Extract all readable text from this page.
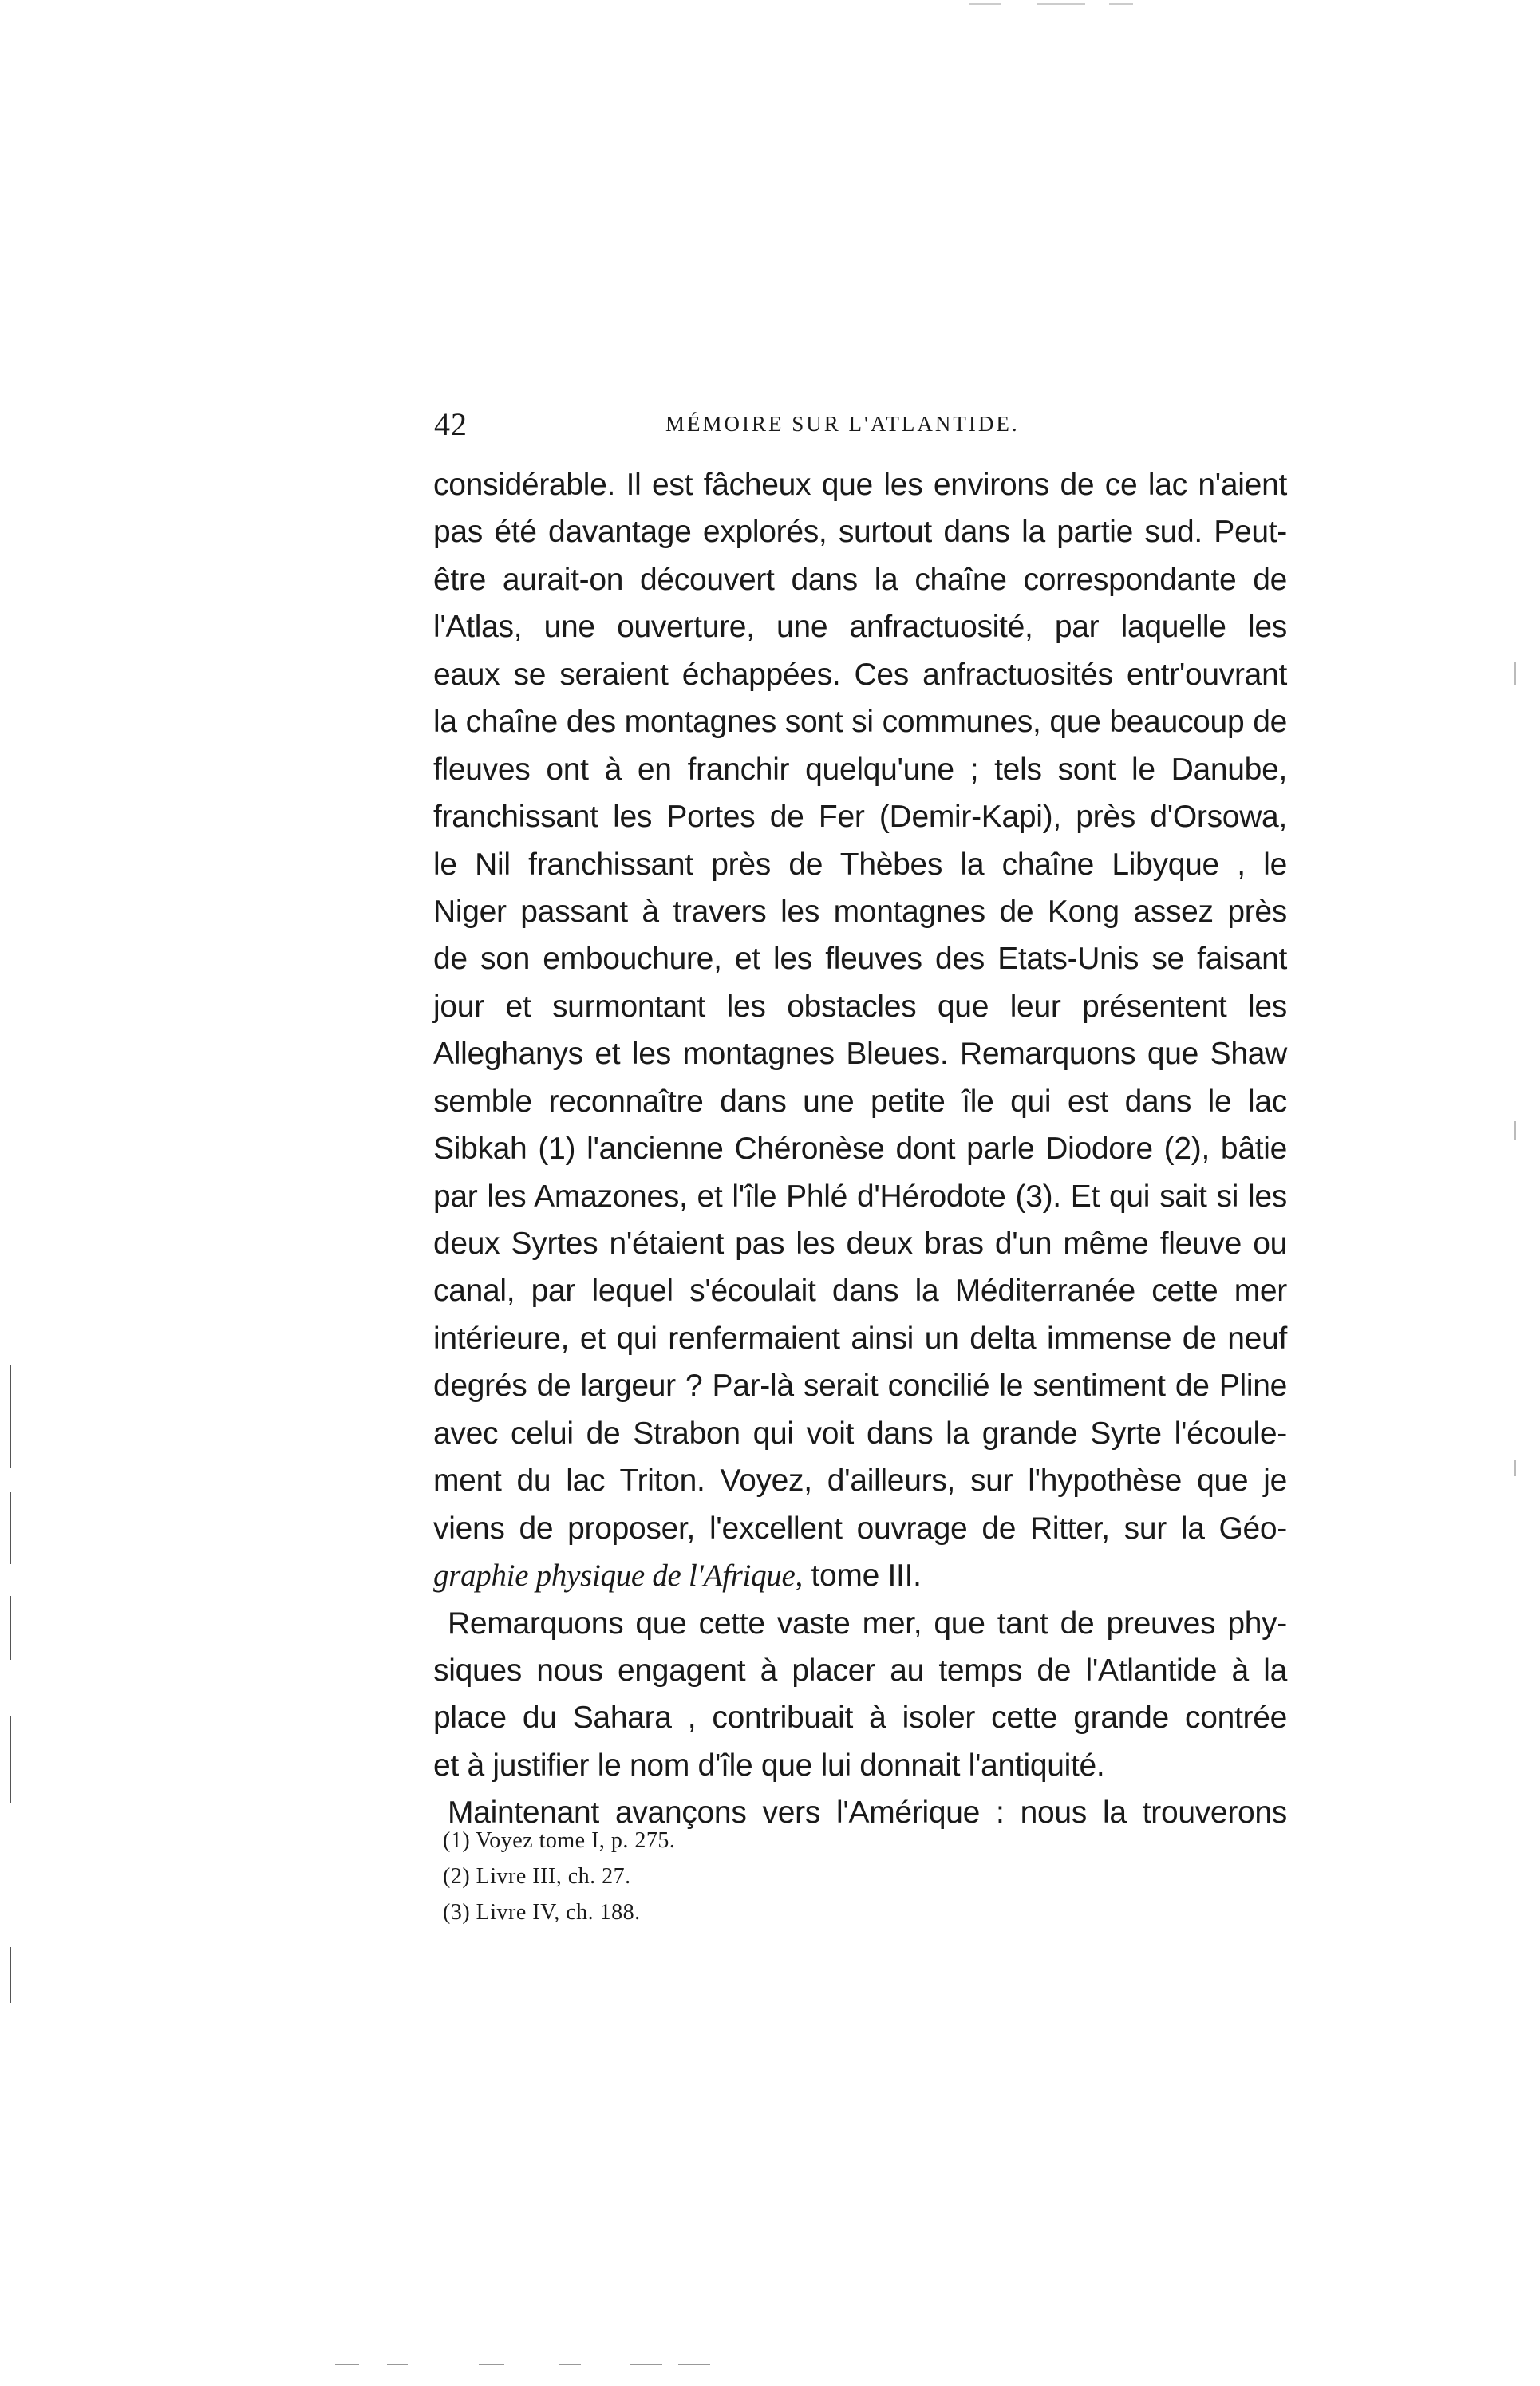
42	MÉMOIRE SUR L'ATLANTIDE.
considérable. Il est fâcheux que les environs de ce lac n'aient
pas été davantage explorés, surtout dans la partie sud. Peut-
être aurait-on découvert dans la chaîne correspondante de
l'Atlas, une ouverture, une anfractuosité, par laquelle les
eaux se seraient échappées. Ces anfractuosités entr'ouvrant
la chaîne des montagnes sont si communes, que beaucoup de
fleuves ont à en franchir quelqu'une ; tels sont le Danube,
franchissant les Portes de Fer (Demir-Kapi), près d'Orsowa,
le Nil franchissant près de Thèbes la chaîne Libyque , le
Niger passant à travers les montagnes de Kong assez près
de son embouchure, et les fleuves des Etats-Unis se faisant
jour et surmontant les obstacles que leur présentent les
Alleghanys et les montagnes Bleues. Remarquons que Shaw
semble reconnaître dans une petite île qui est dans le lac
Sibkah (1) l'ancienne Chéronèse dont parle Diodore (2), bâtie
par les Amazones, et l'île Phlé d'Hérodote (3). Et qui sait si les
deux Syrtes n'étaient pas les deux bras d'un même fleuve ou
canal, par lequel s'écoulait dans la Méditerranée cette mer
intérieure, et qui renfermaient ainsi un delta immense de neuf
degrés de largeur ? Par-là serait concilié le sentiment de Pline
avec celui de Strabon qui voit dans la grande Syrte l'écoule-
ment du lac Triton. Voyez, d'ailleurs, sur l'hypothèse que je
viens de proposer, l'excellent ouvrage de Ritter, sur la Géo-
graphie physique de l'Afrique, tome III.
Remarquons que cette vaste mer, que tant de preuves phy-
siques nous engagent à placer au temps de l'Atlantide à la
place du Sahara , contribuait à isoler cette grande contrée
et à justifier le nom d'île que lui donnait l'antiquité.
Maintenant avançons vers l'Amérique : nous la trouverons
(1) Voyez tome I, p. 275.
(2) Livre III, ch. 27.
(3) Livre IV, ch. 188.
